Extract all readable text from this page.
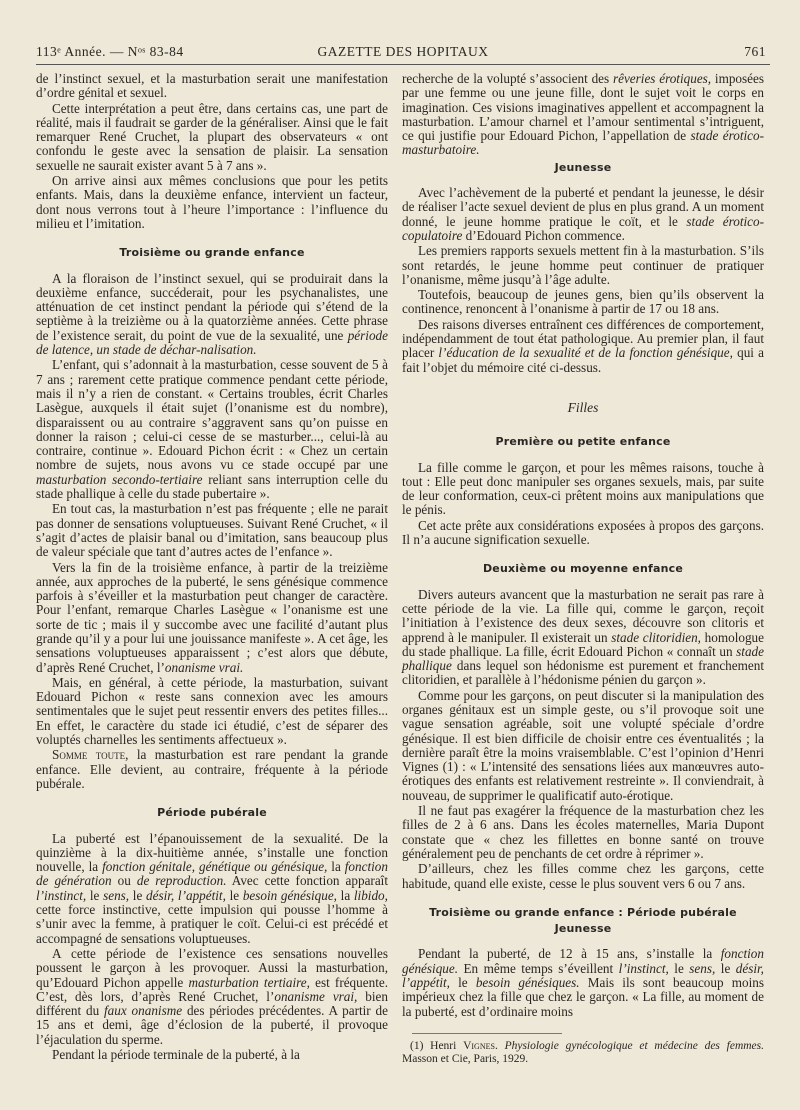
113ᵉ Année. — Nᵒˢ 83-84	GAZETTE DES HOPITAUX	761

de l’instinct sexuel, et la masturbation serait une manifestation d’ordre génital et sexuel.

Cette interprétation a peut être, dans certains cas, une part de réalité, mais il faudrait se garder de la généraliser. Ainsi que le fait remarquer René Cruchet, la plupart des observateurs « ont confondu le geste avec la sensation de plaisir. La sensation sexuelle ne saurait exister avant 5 à 7 ans ».

On arrive ainsi aux mêmes conclusions que pour les petits enfants. Mais, dans la deuxième enfance, intervient un facteur, dont nous verrons tout à l’heure l’importance : l’influence du milieu et l’imitation.

Troisième ou grande enfance

A la floraison de l’instinct sexuel, qui se produirait dans la deuxième enfance, succéderait, pour les psychanalistes, une atténuation de cet instinct pendant la période qui s’étend de la septième à la treizième ou à la quatorzième années. Cette phrase de l’existence serait, du point de vue de la sexualité, une période de latence, un stade de déchar-nalisation.

L’enfant, qui s’adonnait à la masturbation, cesse souvent de 5 à 7 ans ; rarement cette pratique commence pendant cette période, mais il n’y a rien de constant. « Certains troubles, écrit Charles Lasègue, auxquels il était sujet (l’onanisme est du nombre), disparaissent ou au contraire s’aggravent sans qu’on puisse en donner la raison ; celui-ci cesse de se masturber..., celui-là au contraire, continue ». Edouard Pichon écrit : « Chez un certain nombre de sujets, nous avons vu ce stade occupé par une masturbation secondo-tertiaire reliant sans interruption celle du stade phallique à celle du stade pubertaire ».

En tout cas, la masturbation n’est pas fréquente ; elle ne parait pas donner de sensations voluptueuses. Suivant René Cruchet, « il s’agit d’actes de plaisir banal ou d’imitation, sans beaucoup plus de valeur spéciale que tant d’autres actes de l’enfance ».

Vers la fin de la troisième enfance, à partir de la treizième année, aux approches de la puberté, le sens génésique commence parfois à s’éveiller et la masturbation peut changer de caractère. Pour l’enfant, remarque Charles Lasègue « l’onanisme est une sorte de tic ; mais il y succombe avec une facilité d’autant plus grande qu’il y a pour lui une jouissance manifeste ». A cet âge, les sensations voluptueuses apparaissent ; c’est alors que débute, d’après René Cruchet, l’onanisme vrai.

Mais, en général, à cette période, la masturbation, suivant Edouard Pichon « reste sans connexion avec les amours sentimentales que le sujet peut ressentir envers des petites filles... En effet, le caractère du stade ici étudié, c’est de séparer des voluptés charnelles les sentiments affectueux ».

Somme toute, la masturbation est rare pendant la grande enfance. Elle devient, au contraire, fréquente à la période pubérale.

Période pubérale

La puberté est l’épanouissement de la sexualité. De la quinzième à la dix-huitième année, s’installe une fonction nouvelle, la fonction génitale, génétique ou génésique, la fonction de génération ou de reproduction. Avec cette fonction apparaît l’instinct, le sens, le désir, l’appétit, le besoin génésique, la libido, cette force instinctive, cette impulsion qui pousse l’homme à s’unir avec la femme, à pratiquer le coït. Celui-ci est précédé et accompagné de sensations voluptueuses.

A cette période de l’existence ces sensations nouvelles poussent le garçon à les provoquer. Aussi la masturbation, qu’Edouard Pichon appelle masturbation tertiaire, est fréquente. C’est, dès lors, d’après René Cruchet, l’onanisme vrai, bien différent du faux onanisme des périodes précédentes. A partir de 15 ans et demi, âge d’éclosion de la puberté, il provoque l’éjaculation du sperme.

Pendant la période terminale de la puberté, à la

recherche de la volupté s’associent des rêveries érotiques, imposées par une femme ou une jeune fille, dont le sujet voit le corps en imagination. Ces visions imaginatives appellent et accompagnent la masturbation. L’amour charnel et l’amour sentimental s’intriguent, ce qui justifie pour Edouard Pichon, l’appellation de stade érotico-masturbatoire.

Jeunesse

Avec l’achèvement de la puberté et pendant la jeunesse, le désir de réaliser l’acte sexuel devient de plus en plus grand. A un moment donné, le jeune homme pratique le coït, et le stade érotico-copulatoire d’Edouard Pichon commence.

Les premiers rapports sexuels mettent fin à la masturbation. S’ils sont retardés, le jeune homme peut continuer de pratiquer l’onanisme, même jusqu’à l’âge adulte.

Toutefois, beaucoup de jeunes gens, bien qu’ils observent la continence, renoncent à l’onanisme à partir de 17 ou 18 ans.

Des raisons diverses entraînent ces différences de comportement, indépendamment de tout état pathologique. Au premier plan, il faut placer l’éducation de la sexualité et de la fonction génésique, qui a fait l’objet du mémoire cité ci-dessus.

Filles
Première ou petite enfance

La fille comme le garçon, et pour les mêmes raisons, touche à tout : Elle peut donc manipuler ses organes sexuels, mais, par suite de leur conformation, ceux-ci prêtent moins aux manipulations que le pénis.

Cet acte prête aux considérations exposées à propos des garçons. Il n’a aucune signification sexuelle.

Deuxième ou moyenne enfance

Divers auteurs avancent que la masturbation ne serait pas rare à cette période de la vie. La fille qui, comme le garçon, reçoit l’initiation à l’existence des deux sexes, découvre son clitoris et apprend à le manipuler. Il existerait un stade clitoridien, homologue du stade phallique. La fille, écrit Edouard Pichon « connaît un stade phallique dans lequel son hédonisme est purement et franchement clitoridien, et parallèle à l’hédonisme pénien du garçon ».

Comme pour les garçons, on peut discuter si la manipulation des organes génitaux est un simple geste, ou s’il provoque soit une vague sensation agréable, soit une volupté spéciale d’ordre génésique. Il est bien difficile de choisir entre ces éventualités ; la dernière paraît être la moins vraisemblable. C’est l’opinion d’Henri Vignes (1) : « L’intensité des sensations liées aux manœuvres auto-érotiques des enfants est relativement restreinte ». Il conviendrait, à nouveau, de supprimer le qualificatif auto-érotique.

Il ne faut pas exagérer la fréquence de la masturbation chez les filles de 2 à 6 ans. Dans les écoles maternelles, Maria Dupont constate que « chez les fillettes en bonne santé on trouve généralement peu de penchants de cet ordre à réprimer ».

D’ailleurs, chez les filles comme chez les garçons, cette habitude, quand elle existe, cesse le plus souvent vers 6 ou 7 ans.

Troisième ou grande enfance : Période pubérale
Jeunesse

Pendant la puberté, de 12 à 15 ans, s’installe la fonction génésique. En même temps s’éveillent l’instinct, le sens, le désir, l’appétit, le besoin génésiques. Mais ils sont beaucoup moins impérieux chez la fille que chez le garçon. « La fille, au moment de la puberté, est d’ordinaire moins

(1) Henri Vignes. Physiologie gynécologique et médecine des femmes. Masson et Cie, Paris, 1929.
